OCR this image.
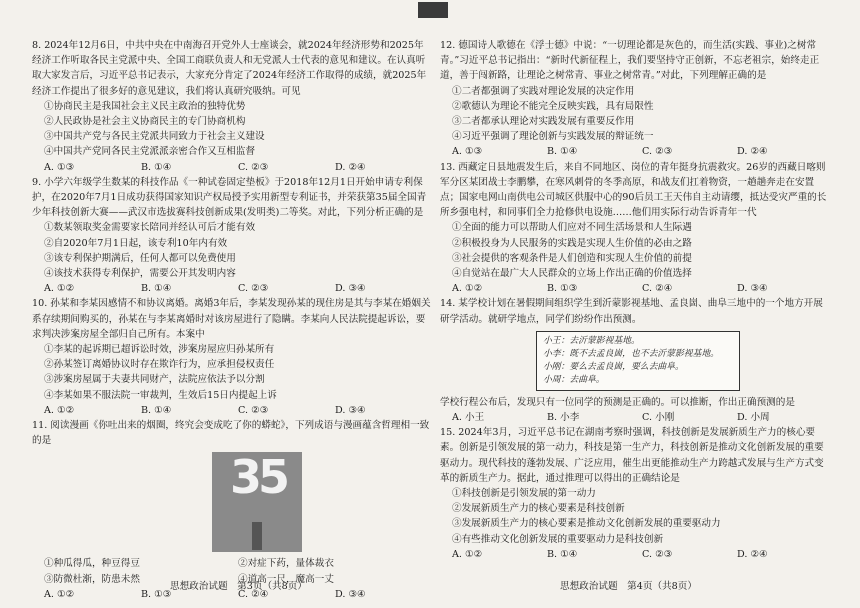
8. 2024年12月6日，中共中央在中南海召开党外人士座谈会，就2024年经济形势和2025年经济工作听取各民主党派中央、全国工商联负责人和无党派人士代表的意见和建议。在认真听取大家发言后，习近平总书记表示，大家充分肯定了2024年经济工作取得的成绩，就2025年经济工作提出了很多好的意见建议，我们将认真研究吸纳。可见
①协商民主是我国社会主义民主政治的独特优势
②人民政协是社会主义协商民主的专门协商机构
③中国共产党与各民主党派共同致力于社会主义建设
④中国共产党同各民主党派派亲密合作又互相监督
A. ①③	B. ①④	C. ②③	D. ②④
9. 小学六年级学生数某的科技作品《一种试卷固定垫板》于2018年12月1日开始申请专利保护，在2020年7月1日成功获得国家知识产权局授予实用新型专利证书，并荣获第35届全国青少年科技创新大赛——武汉市选拔赛科技创新成果(发明类)二等奖。对此，下列分析正确的是
①数某领取奖金需要家长陪同并经认可后才能有效
②自2020年7月1日起，该专利10年内有效
③该专利保护期满后，任何人都可以免费使用
④该技术获得专利保护，需要公开其发明内容
A. ①②	B. ①④	C. ②③	D. ③④
10. 孙某和李某因感情不和协议离婚。离婚3年后，李某发现孙某的现住房是其与李某在婚姻关系存续期间购买的，孙某在与李某离婚时对该房屋进行了隐瞒。李某向人民法院提起诉讼，要求判决涉案房屋全部归自己所有。本案中
①李某的起诉期已超诉讼时效，涉案房屋应归孙某所有
②孙某签订离婚协议时存在欺诈行为，应承担侵权责任
③涉案房屋属于夫妻共同财产，法院应依法予以分割
④李某如果不服法院一审裁判，生效后15日内提起上诉
A. ①②	B. ①④	C. ②③	D. ③④
11. 阅读漫画《你吐出来的烟圈，终究会变成吃了你的蟒蛇》，下列成语与漫画蕴含哲理相一致的是
35
①种瓜得瓜，种豆得豆	②对症下药，量体裁衣
③防微杜渐，防患未然	④道高一尺，魔高一丈
A. ①②	B. ①③	C. ②④	D. ③④
12. 德国诗人歌德在《浮士德》中说：“一切理论都是灰色的，而生活(实践、事业)之树常青。”习近平总书记指出：“新时代新征程上，我们要坚持守正创新，不忘老祖宗，始终走正道，善于闯新路，让理论之树常青、事业之树常青。”对此，下列理解正确的是
①二者都强调了实践对理论发展的决定作用
②歌德认为理论不能完全反映实践，具有局限性
③二者都承认理论对实践发展有重要反作用
④习近平强调了理论创新与实践发展的辩证统一
A. ①③	B. ①④	C. ②③	D. ②④
13. 西藏定日县地震发生后，来自不同地区、岗位的青年挺身抗震救灾。26岁的西藏日喀则军分区某团战士李鹏攀，在寒风刺骨的冬季高原，和战友们扛着物资，一趟趟奔走在安置点；国家电网山南供电公司城区供服中心的90后员工王天伟自主动请缨，抵达受灾严重的长所乡强电村，和同事们全力抢修供电设施……他们用实际行动告诉青年一代
①全面的能力可以帮助人们应对不同生活场景和人生际遇
②积极投身为人民服务的实践是实现人生价值的必由之路
③社会提供的客观条件是人们创造和实现人生价值的前提
④自觉站在最广大人民群众的立场上作出正确的价值选择
A. ①②	B. ①③	C. ②④	D. ③④
14. 某学校计划在暑假期间组织学生到沂蒙影视基地、孟良崮、曲阜三地中的一个地方开展研学活动。就研学地点，同学们纷纷作出预测。
小王：去沂蒙影视基地。
小李：既不去孟良崮，也不去沂蒙影视基地。
小刚：要么去孟良崮，要么去曲阜。
小周：去曲阜。
学校行程公布后，发现只有一位同学的预测是正确的。可以推断，作出正确预测的是
A. 小王	B. 小李	C. 小刚	D. 小周
15. 2024年3月，习近平总书记在湖南考察时强调，科技创新是发展新质生产力的核心要素。创新是引领发展的第一动力，科技是第一生产力，科技创新是推动文化创新发展的重要驱动力。现代科技的蓬勃发展、广泛应用，催生出更能推动生产力跨越式发展与生产方式变革的新质生产力。据此，通过推理可以得出的正确结论是
①科技创新是引领发展的第一动力
②发展新质生产力的核心要素是科技创新
③发展新质生产力的核心要素是推动文化创新发展的重要驱动力
④有些推动文化创新发展的重要驱动力是科技创新
A. ①②	B. ①④	C. ②③	D. ②④
思想政治试题　第3页（共8页）	思想政治试题　第4页（共8页）
